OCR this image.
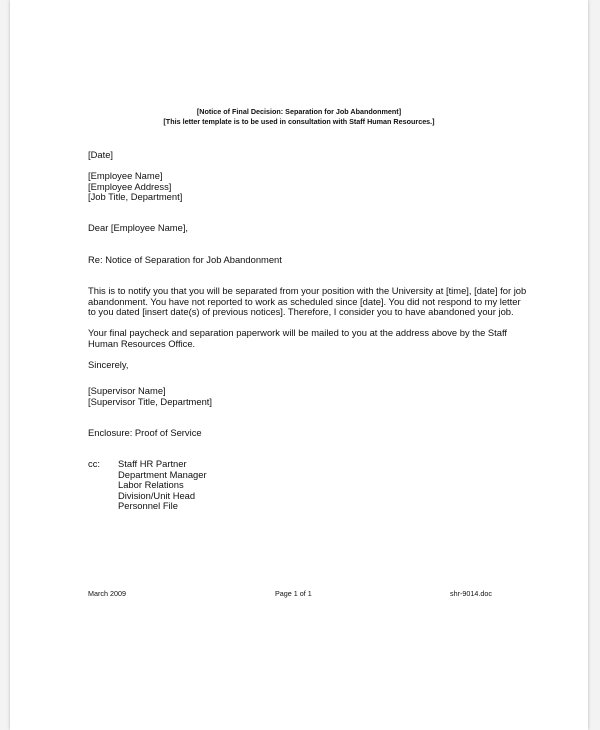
[Notice of Final Decision: Separation for Job Abandonment]
[This letter template is to be used in consultation with Staff Human Resources.]
[Date]
[Employee Name]
[Employee Address]
[Job Title, Department]
Dear [Employee Name],
Re: Notice of Separation for Job Abandonment
This is to notify you that you will be separated from your position with the University at [time], [date] for job
abandonment. You have not reported to work as scheduled since [date]. You did not respond to my letter
to you dated [insert date(s) of previous notices]. Therefore, I consider you to have abandoned your job.
Your final paycheck and separation paperwork will be mailed to you at the address above by the Staff
Human Resources Office.
Sincerely,
[Supervisor Name]
[Supervisor Title, Department]
Enclosure: Proof of Service
cc: Staff HR Partner
Department Manager
Labor Relations
Division/Unit Head
Personnel File
March 2009	Page 1 of 1	shr-9014.doc
